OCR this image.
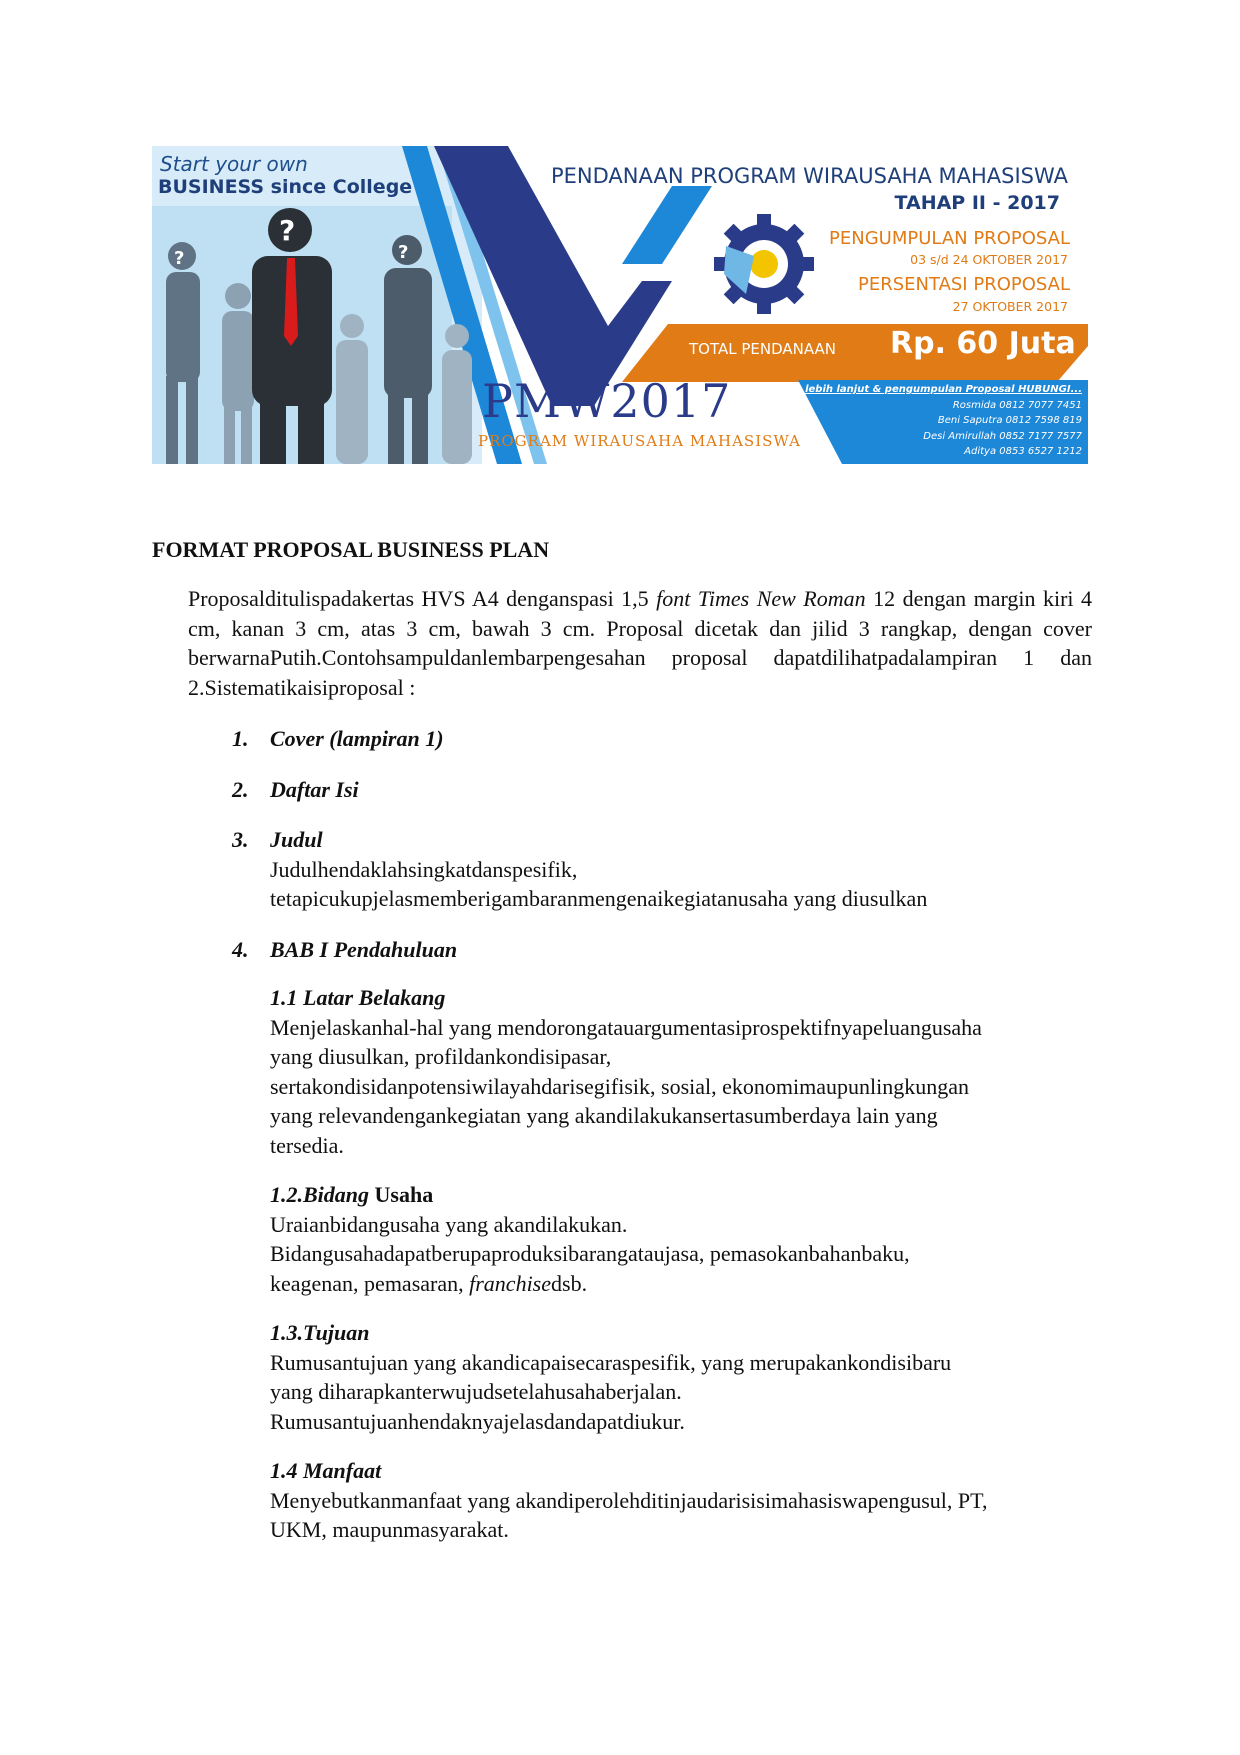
?
?
?
Start your own
BUSINESS since College	PENDANAAN PROGRAM WIRAUSAHA MAHASISWA
TAHAP II - 2017
PENGUMPULAN PROPOSAL
03 s/d 24 OKTOBER 2017
PERSENTASI PROPOSAL
27 OKTOBER 2017
TOTAL PENDANAAN Rp. 60 Juta
PMW2017
PROGRAM WIRAUSAHA MAHASISWA
Info lebih lanjut & pengumpulan Proposal HUBUNGI...
Rosmida 0812 7077 7451
Beni Saputra 0812 7598 819
Desi Amirullah 0852 7177 7577
Aditya 0853 6527 1212
FORMAT PROPOSAL BUSINESS PLAN

Proposalditulispadakertas HVS A4 denganspasi 1,5 font Times New Roman 12 dengan margin kiri 4 cm, kanan 3 cm, atas 3 cm, bawah 3 cm. Proposal dicetak dan jilid 3 rangkap, dengan cover berwarnaPutih.Contohsampuldanlembarpengesahan proposal dapatdilihatpadalampiran 1 dan 2.Sistematikaisiproposal :

1. Cover (lampiran 1)
2. Daftar Isi
3. Judul
Judulhendaklahsingkatdanspesifik,
tetapicukupjelasmemberigambaranmengenaikegiatanusaha yang diusulkan
4. BAB I Pendahuluan
1.1 Latar Belakang
Menjelaskanhal-hal yang mendorongatauargumentasiprospektifnyapeluangusaha
yang diusulkan, profildankondisipasar,
sertakondisidanpotensiwilayahdarisegifisik, sosial, ekonomimaupunlingkungan
yang relevandengankegiatan yang akandilakukansertasumberdaya lain yang
tersedia.
1.2.Bidang Usaha
Uraianbidangusaha yang akandilakukan.
Bidangusahadapatberupaproduksibarangataujasa, pemasokanbahanbaku,
keagenan, pemasaran, franchisedsb.
1.3.Tujuan
Rumusantujuan yang akandicapaisecaraspesifik, yang merupakankondisibaru
yang diharapkanterwujudsetelahusahaberjalan.
Rumusantujuanhendaknyajelasdandapatdiukur.
1.4 Manfaat
Menyebutkanmanfaat yang akandiperolehditinjaudarisisimahasiswapengusul, PT,
UKM, maupunmasyarakat.
